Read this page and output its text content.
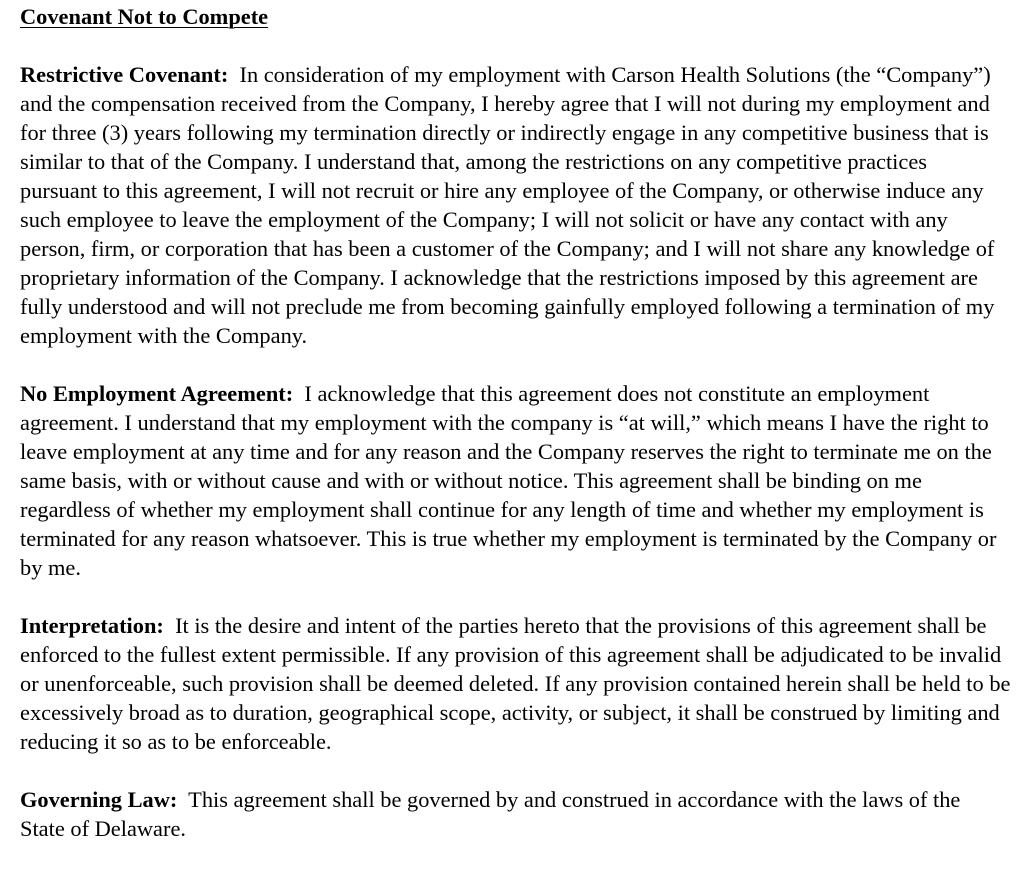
Covenant Not to Compete

Restrictive Covenant: In consideration of my employment with Carson Health Solutions (the “Company”) and the compensation received from the Company, I hereby agree that I will not during my employment and for three (3) years following my termination directly or indirectly engage in any competitive business that is similar to that of the Company. I understand that, among the restrictions on any competitive practices pursuant to this agreement, I will not recruit or hire any employee of the Company, or otherwise induce any such employee to leave the employment of the Company; I will not solicit or have any contact with any person, firm, or corporation that has been a customer of the Company; and I will not share any knowledge of proprietary information of the Company. I acknowledge that the restrictions imposed by this agreement are fully understood and will not preclude me from becoming gainfully employed following a termination of my employment with the Company.

No Employment Agreement: I acknowledge that this agreement does not constitute an employment agreement. I understand that my employment with the company is “at will,” which means I have the right to leave employment at any time and for any reason and the Company reserves the right to terminate me on the same basis, with or without cause and with or without notice. This agreement shall be binding on me regardless of whether my employment shall continue for any length of time and whether my employment is terminated for any reason whatsoever. This is true whether my employment is terminated by the Company or by me.

Interpretation: It is the desire and intent of the parties hereto that the provisions of this agreement shall be enforced to the fullest extent permissible. If any provision of this agreement shall be adjudicated to be invalid or unenforceable, such provision shall be deemed deleted. If any provision contained herein shall be held to be excessively broad as to duration, geographical scope, activity, or subject, it shall be construed by limiting and reducing it so as to be enforceable.

Governing Law: This agreement shall be governed by and construed in accordance with the laws of the State of Delaware.
